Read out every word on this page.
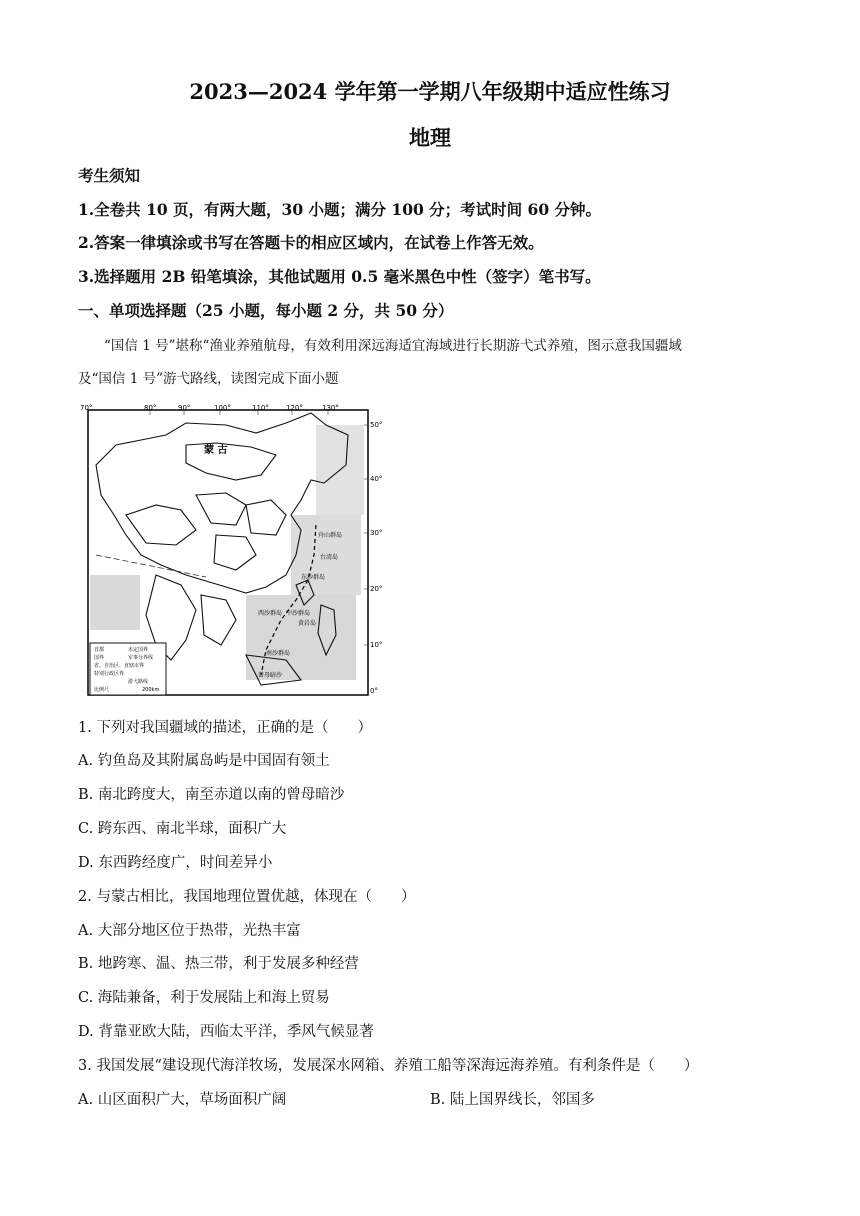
2023—2024 学年第一学期八年级期中适应性练习
地理
考生须知
1.全卷共 10 页，有两大题，30 小题；满分 100 分；考试时间 60 分钟。
2.答案一律填涂或书写在答题卡的相应区域内，在试卷上作答无效。
3.选择题用 2B 铅笔填涂，其他试题用 0.5 毫米黑色中性（签字）笔书写。
一、单项选择题（25 小题，每小题 2 分，共 50 分）
“国信 1 号”堪称“渔业养殖航母，有效利用深远海适宜海域进行长期游弋式养殖，图示意我国疆域
及“国信 1 号”游弋路线，读图完成下面小题
70°	80°	90°	100°	110° 120°	130°
50°
40°
30°
20°
10°
0°
蒙 古
舟山群岛
台湾岛
东沙群岛
西沙群岛 中沙群岛
黄岩岛
南沙群岛
曾母暗沙
首都
国界
省、自治区、直辖市界
特别行政区界
未定国界
军事分界线
游弋路线
比例尺	200km
1. 下列对我国疆域的描述，正确的是（　　）
A. 钓鱼岛及其附属岛屿是中国固有领土
B. 南北跨度大，南至赤道以南的曾母暗沙
C. 跨东西、南北半球，面积广大
D. 东西跨经度广，时间差异小
2. 与蒙古相比，我国地理位置优越，体现在（　　）
A. 大部分地区位于热带，光热丰富
B. 地跨寒、温、热三带，利于发展多种经营
C. 海陆兼备，利于发展陆上和海上贸易
D. 背靠亚欧大陆，西临太平洋，季风气候显著
3. 我国发展“建设现代海洋牧场，发展深水网箱、养殖工船等深海远海养殖。有利条件是（　　）
A. 山区面积广大，草场面积广阔	B. 陆上国界线长，邻国多
